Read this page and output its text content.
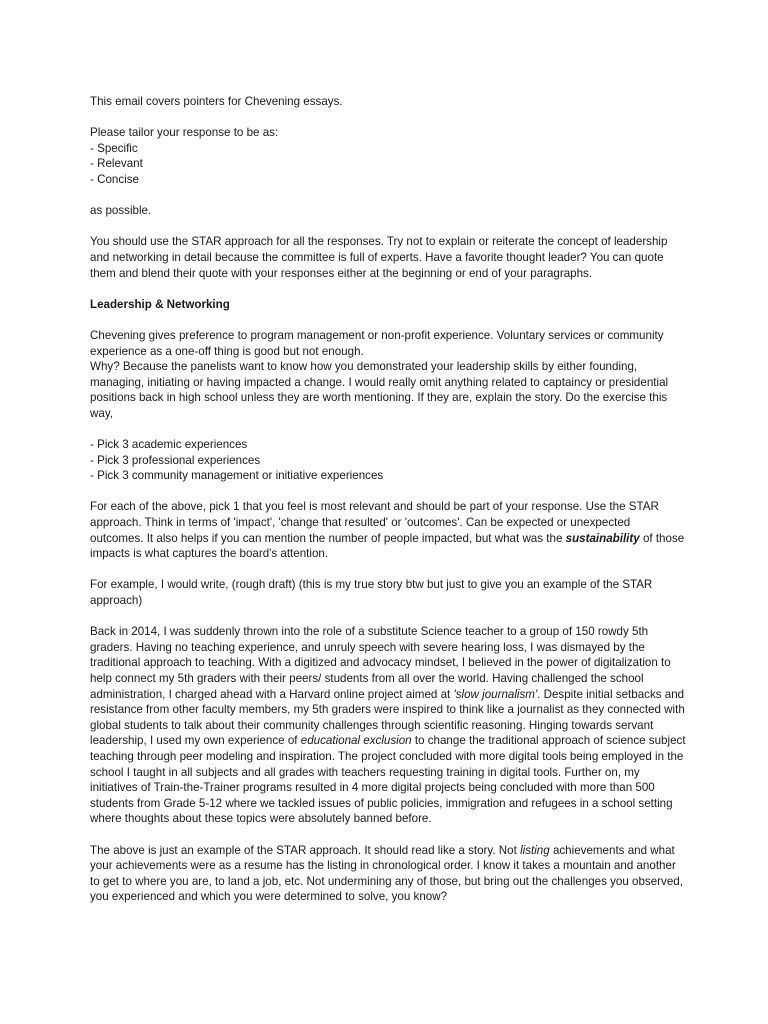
This email covers pointers for Chevening essays.

Please tailor your response to be as:

- Specific
- Relevant
- Concise

as possible.

You should use the STAR approach for all the responses. Try not to explain or reiterate the concept of leadership and networking in detail because the committee is full of experts. Have a favorite thought leader? You can quote them and blend their quote with your responses either at the beginning or end of your paragraphs.

Leadership & Networking

Chevening gives preference to program management or non-profit experience. Voluntary services or community experience as a one-off thing is good but not enough.

Why? Because the panelists want to know how you demonstrated your leadership skills by either founding, managing, initiating or having impacted a change. I would really omit anything related to captaincy or presidential positions back in high school unless they are worth mentioning. If they are, explain the story. Do the exercise this way,

- Pick 3 academic experiences
- Pick 3 professional experiences
- Pick 3 community management or initiative experiences

For each of the above, pick 1 that you feel is most relevant and should be part of your response. Use the STAR approach. Think in terms of 'impact', 'change that resulted' or 'outcomes'. Can be expected or unexpected outcomes. It also helps if you can mention the number of people impacted, but what was the sustainability of those impacts is what captures the board's attention.

For example, I would write, (rough draft) (this is my true story btw but just to give you an example of the STAR approach)

Back in 2014, I was suddenly thrown into the role of a substitute Science teacher to a group of 150 rowdy 5th graders. Having no teaching experience, and unruly speech with severe hearing loss, I was dismayed by the traditional approach to teaching. With a digitized and advocacy mindset, I believed in the power of digitalization to help connect my 5th graders with their peers/ students from all over the world. Having challenged the school administration, I charged ahead with a Harvard online project aimed at 'slow journalism'. Despite initial setbacks and resistance from other faculty members, my 5th graders were inspired to think like a journalist as they connected with global students to talk about their community challenges through scientific reasoning. Hinging towards servant leadership, I used my own experience of educational exclusion to change the traditional approach of science subject teaching through peer modeling and inspiration. The project concluded with more digital tools being employed in the school I taught in all subjects and all grades with teachers requesting training in digital tools. Further on, my initiatives of Train-the-Trainer programs resulted in 4 more digital projects being concluded with more than 500 students from Grade 5-12 where we tackled issues of public policies, immigration and refugees in a school setting where thoughts about these topics were absolutely banned before.

The above is just an example of the STAR approach. It should read like a story. Not listing achievements and what your achievements were as a resume has the listing in chronological order. I know it takes a mountain and another to get to where you are, to land a job, etc. Not undermining any of those, but bring out the challenges you observed, you experienced and which you were determined to solve, you know?
